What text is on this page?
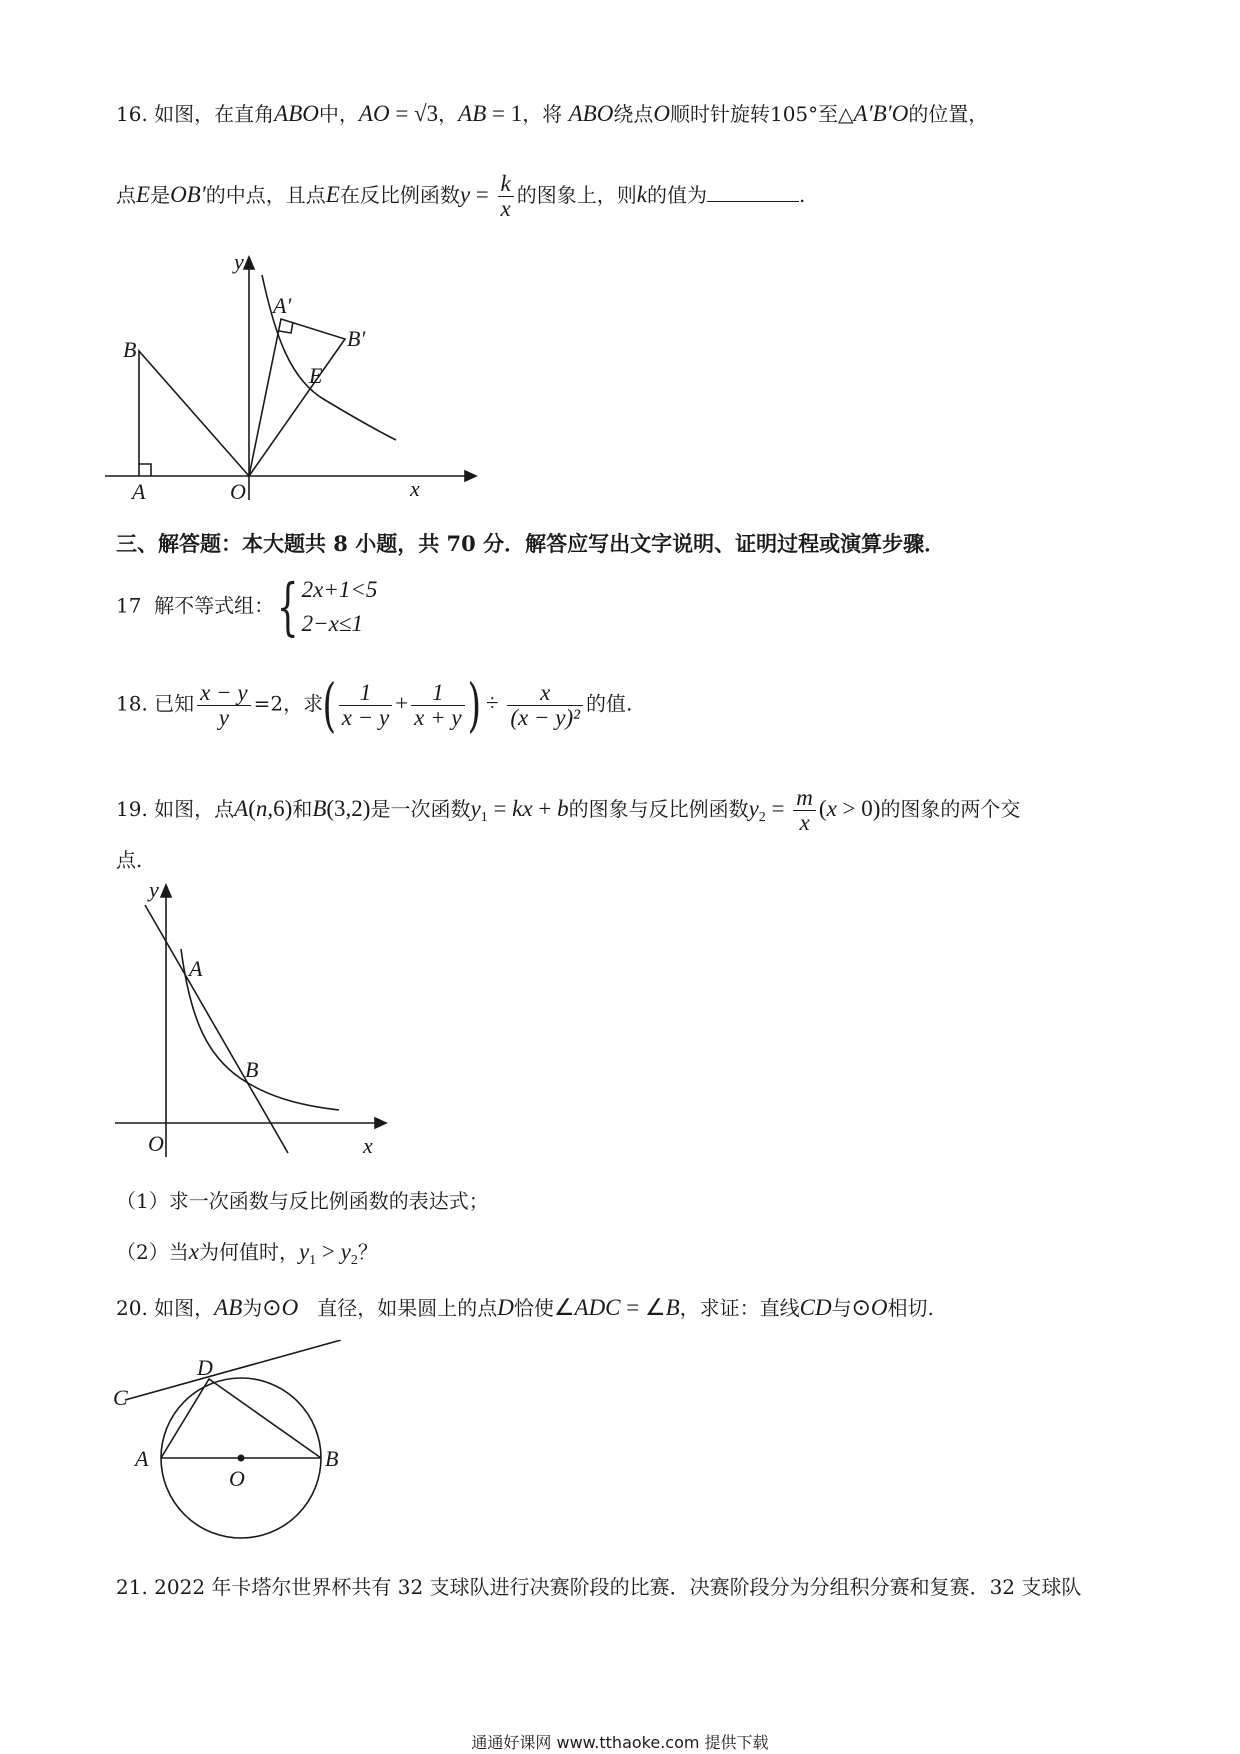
16. 如图，在直角ABO中，AO = √3，AB = 1，将 ABO绕点O顺时针旋转105°至△A′B′O的位置，
点E是OB′的中点，且点E在反比例函数$y = \frac{k}{x}$ 的图象上，则k的值为	.
B
A	O
y
x
A′
B′
E
三、解答题：本大题共 8 小题，共 70 分．解答应写出文字说明、证明过程或演算步骤．
17 解不等式组：{ 2x+1<5
2−x≤1
18. 已知 $\frac{x - y}{y} =2$，求( $\frac{1}{x - y} + \frac{1}{x + y}$ ) ÷ $\frac{x}{\text{(x − y)²}}$ 的值.
19. 如图，点A(n,6)和B(3,2)是一次函数$y_1$ = kx + b的图象与反比例函数$y_2 = \frac{m}{x} (x > 0)$的图象的两个交
点.
y
A
B
O	x
（1）求一次函数与反比例函数的表达式；
（2）当x为何值时，$y_1 > y_2$？
20. 如图，AB为⊙O 直径，如果圆上的点D恰使∠ADC = ∠B，求证：直线CD与⊙O相切.
C
D
A	B
O
21. 2022 年卡塔尔世界杯共有 32 支球队进行决赛阶段的比赛．决赛阶段分为分组积分赛和复赛．32 支球队
通通好课网 www.tthaoke.com 提供下载
